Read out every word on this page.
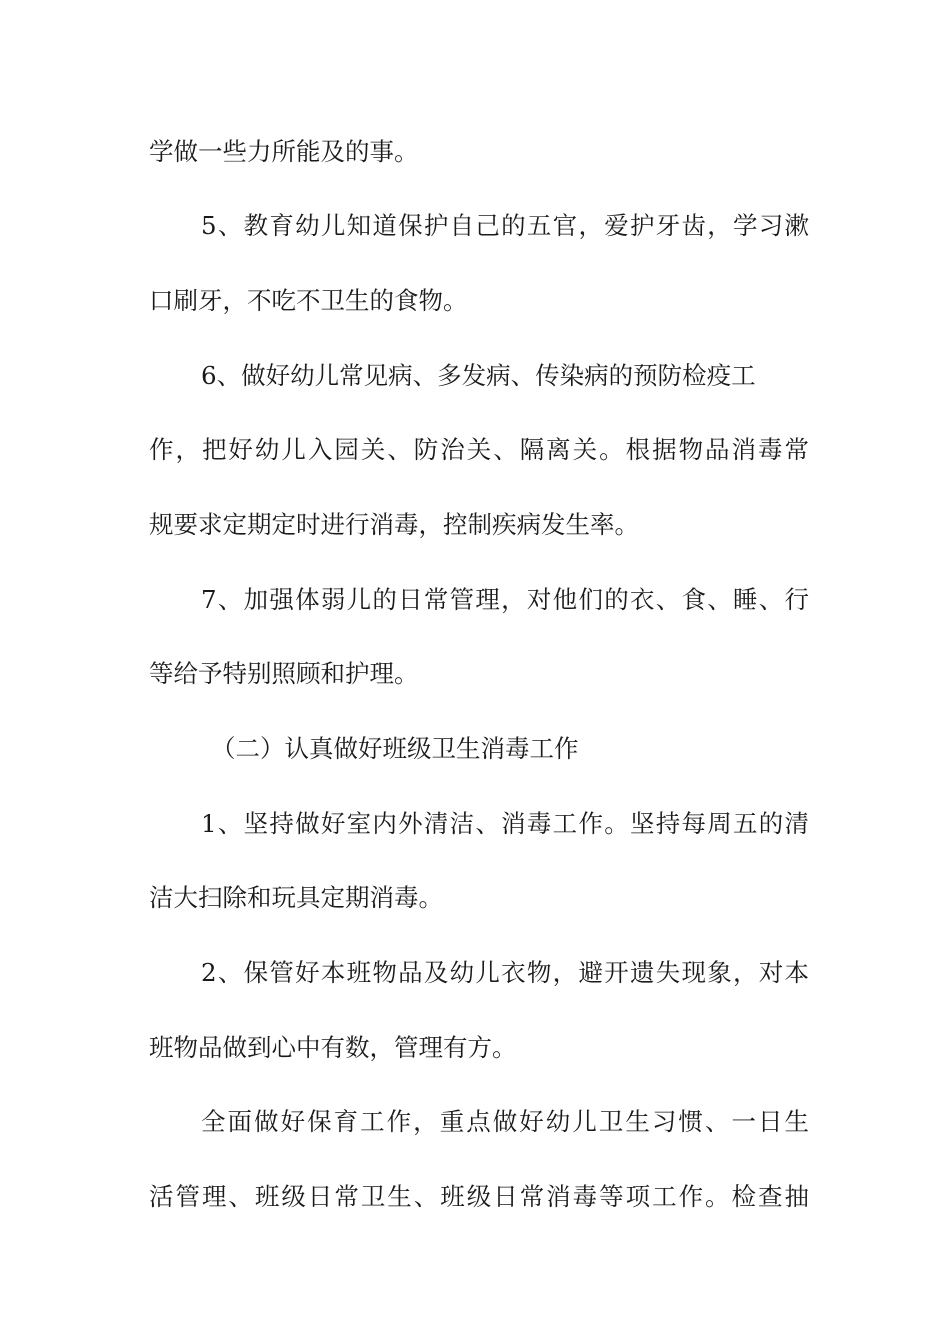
学做一些力所能及的事。
5、教育幼儿知道保护自己的五官，爱护牙齿，学习漱
口刷牙，不吃不卫生的食物。
6、做好幼儿常见病、多发病、传染病的预防检疫工
作，把好幼儿入园关、防治关、隔离关。根据物品消毒常
规要求定期定时进行消毒，控制疾病发生率。
7、加强体弱儿的日常管理，对他们的衣、食、睡、行
等给予特别照顾和护理。
（二）认真做好班级卫生消毒工作
1、坚持做好室内外清洁、消毒工作。坚持每周五的清
洁大扫除和玩具定期消毒。
2、保管好本班物品及幼儿衣物，避开遗失现象，对本
班物品做到心中有数，管理有方。
全面做好保育工作，重点做好幼儿卫生习惯、一日生
活管理、班级日常卫生、班级日常消毒等项工作。检查抽
